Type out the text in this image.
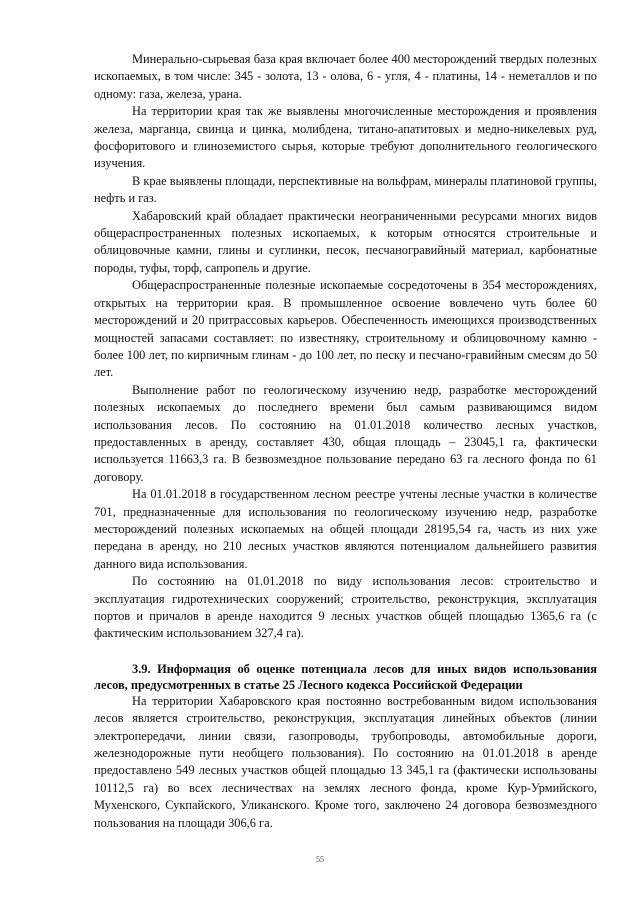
Минерально-сырьевая база края включает более 400 месторождений твердых полезных ископаемых, в том числе: 345 - золота, 13 - олова, 6 - угля, 4 - платины, 14 - неметаллов и по одному: газа, железа, урана.

На территории края так же выявлены многочисленные месторождения и проявления железа, марганца, свинца и цинка, молибдена, титано-апатитовых и медно-никелевых руд, фосфоритового и глиноземистого сырья, которые требуют дополнительного геологического изучения.

В крае выявлены площади, перспективные на вольфрам, минералы платиновой группы, нефть и газ.

Хабаровский край обладает практически неограниченными ресурсами многих видов общераспространенных полезных ископаемых, к которым относятся строительные и облицовочные камни, глины и суглинки, песок, песчаногравийный материал, карбонатные породы, туфы, торф, сапропель и другие.

Общераспространенные полезные ископаемые сосредоточены в 354 месторождениях, открытых на территории края. В промышленное освоение вовлечено чуть более 60 месторождений и 20 притрассовых карьеров. Обеспеченность имеющихся производственных мощностей запасами составляет: по известняку, строительному и облицовочному камню - более 100 лет, по кирпичным глинам - до 100 лет, по песку и песчано-гравийным смесям до 50 лет.

Выполнение работ по геологическому изучению недр, разработке месторождений полезных ископаемых до последнего времени был самым развивающимся видом использования лесов. По состоянию на 01.01.2018 количество лесных участков, предоставленных в аренду, составляет 430, общая площадь – 23045,1 га, фактически используется 11663,3 га. В безвозмездное пользование передано 63 га лесного фонда по 61 договору.

На 01.01.2018 в государственном лесном реестре учтены лесные участки в количестве 701, предназначенные для использования по геологическому изучению недр, разработке месторождений полезных ископаемых на общей площади 28195,54 га, часть из них уже передана в аренду, но 210 лесных участков являются потенциалом дальнейшего развития данного вида использования.

По состоянию на 01.01.2018 по виду использования лесов: строительство и эксплуатация гидротехнических сооружений; строительство, реконструкция, эксплуатация портов и причалов в аренде находится 9 лесных участков общей площадью 1365,6 га (с фактическим использованием 327,4 га).

3.9. Информация об оценке потенциала лесов для иных видов использования лесов, предусмотренных в статье 25 Лесного кодекса Российской Федерации

На территории Хабаровского края постоянно востребованным видом использования лесов является строительство, реконструкция, эксплуатация линейных объектов (линии электропередачи, линии связи, газопроводы, трубопроводы, автомобильные дороги, железнодорожные пути необщего пользования). По состоянию на 01.01.2018 в аренде предоставлено 549 лесных участков общей площадью 13 345,1 га (фактически использованы 10112,5 га) во всех лесничествах на землях лесного фонда, кроме Кур-Урмийского, Мухенского, Сукпайского, Уликанского. Кроме того, заключено 24 договора безвозмездного пользования на площади 306,6 га.

55
